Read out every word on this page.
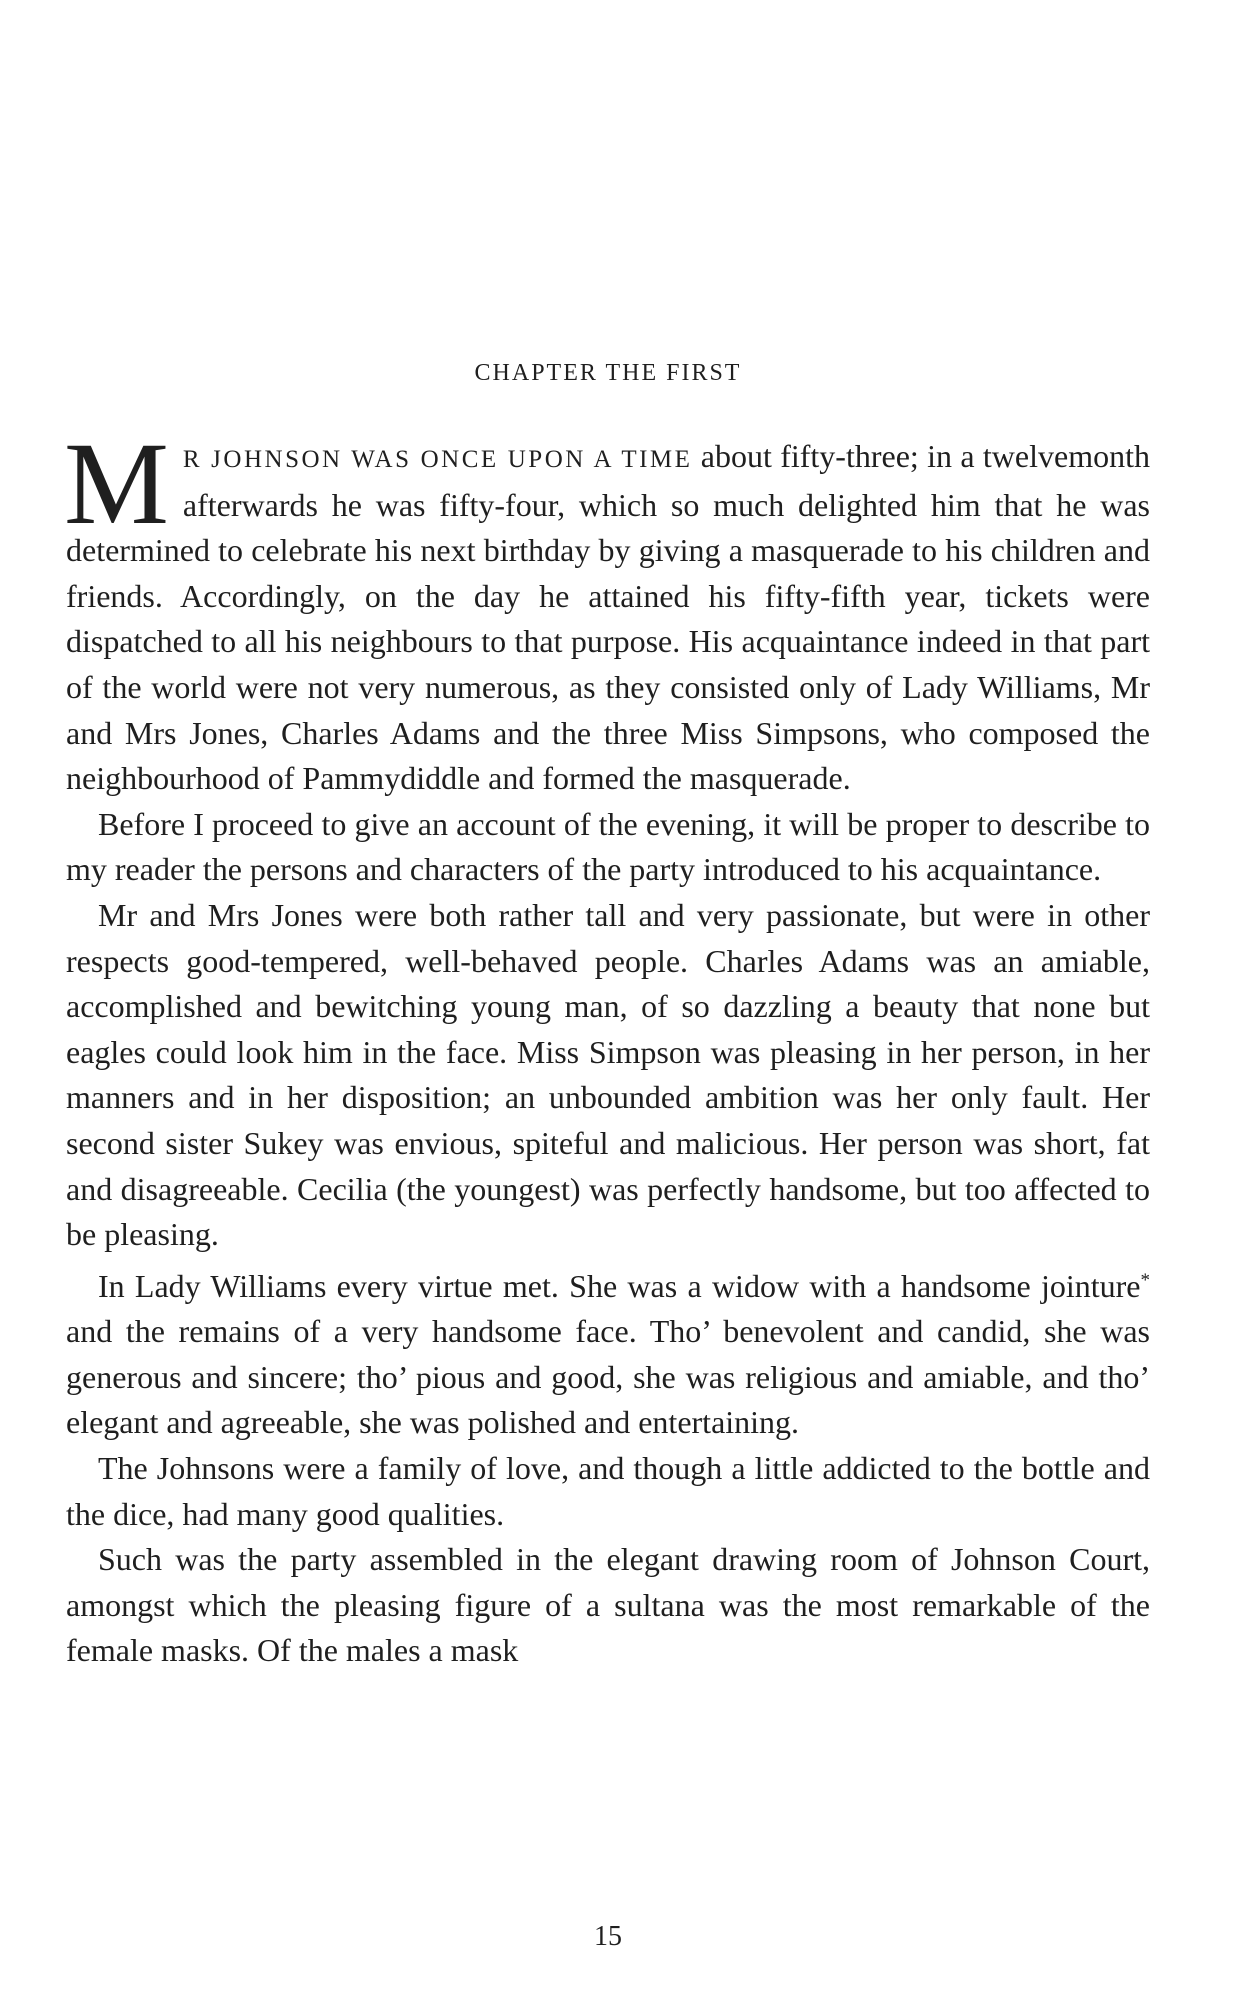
CHAPTER THE FIRST

M R JOHNSON WAS ONCE UPON A TIME about fifty-three; in a twelvemonth afterwards he was fifty-four, which so much delighted him that he was determined to celebrate his next birthday by giving a masquerade to his children and friends. Accordingly, on the day he attained his fifty-fifth year, tickets were dispatched to all his neighbours to that purpose. His acquaintance indeed in that part of the world were not very numerous, as they consisted only of Lady Williams, Mr and Mrs Jones, Charles Adams and the three Miss Simpsons, who composed the neighbourhood of Pammydiddle and formed the masquerade.

Before I proceed to give an account of the evening, it will be proper to describe to my reader the persons and characters of the party introduced to his acquaintance.

Mr and Mrs Jones were both rather tall and very passionate, but were in other respects good-tempered, well-behaved people. Charles Adams was an amiable, accomplished and bewitching young man, of so dazzling a beauty that none but eagles could look him in the face. Miss Simpson was pleasing in her person, in her manners and in her disposition; an unbounded ambition was her only fault. Her second sister Sukey was envious, spiteful and malicious. Her person was short, fat and disagreeable. Cecilia (the youngest) was perfectly handsome, but too affected to be pleasing.

In Lady Williams every virtue met. She was a widow with a handsome jointure* and the remains of a very handsome face. Tho’ benevolent and candid, she was generous and sincere; tho’ pious and good, she was religious and amiable, and tho’ elegant and agreeable, she was polished and entertaining.

The Johnsons were a family of love, and though a little addicted to the bottle and the dice, had many good qualities.

Such was the party assembled in the elegant drawing room of Johnson Court, amongst which the pleasing figure of a sultana was the most remarkable of the female masks. Of the males a mask

15
